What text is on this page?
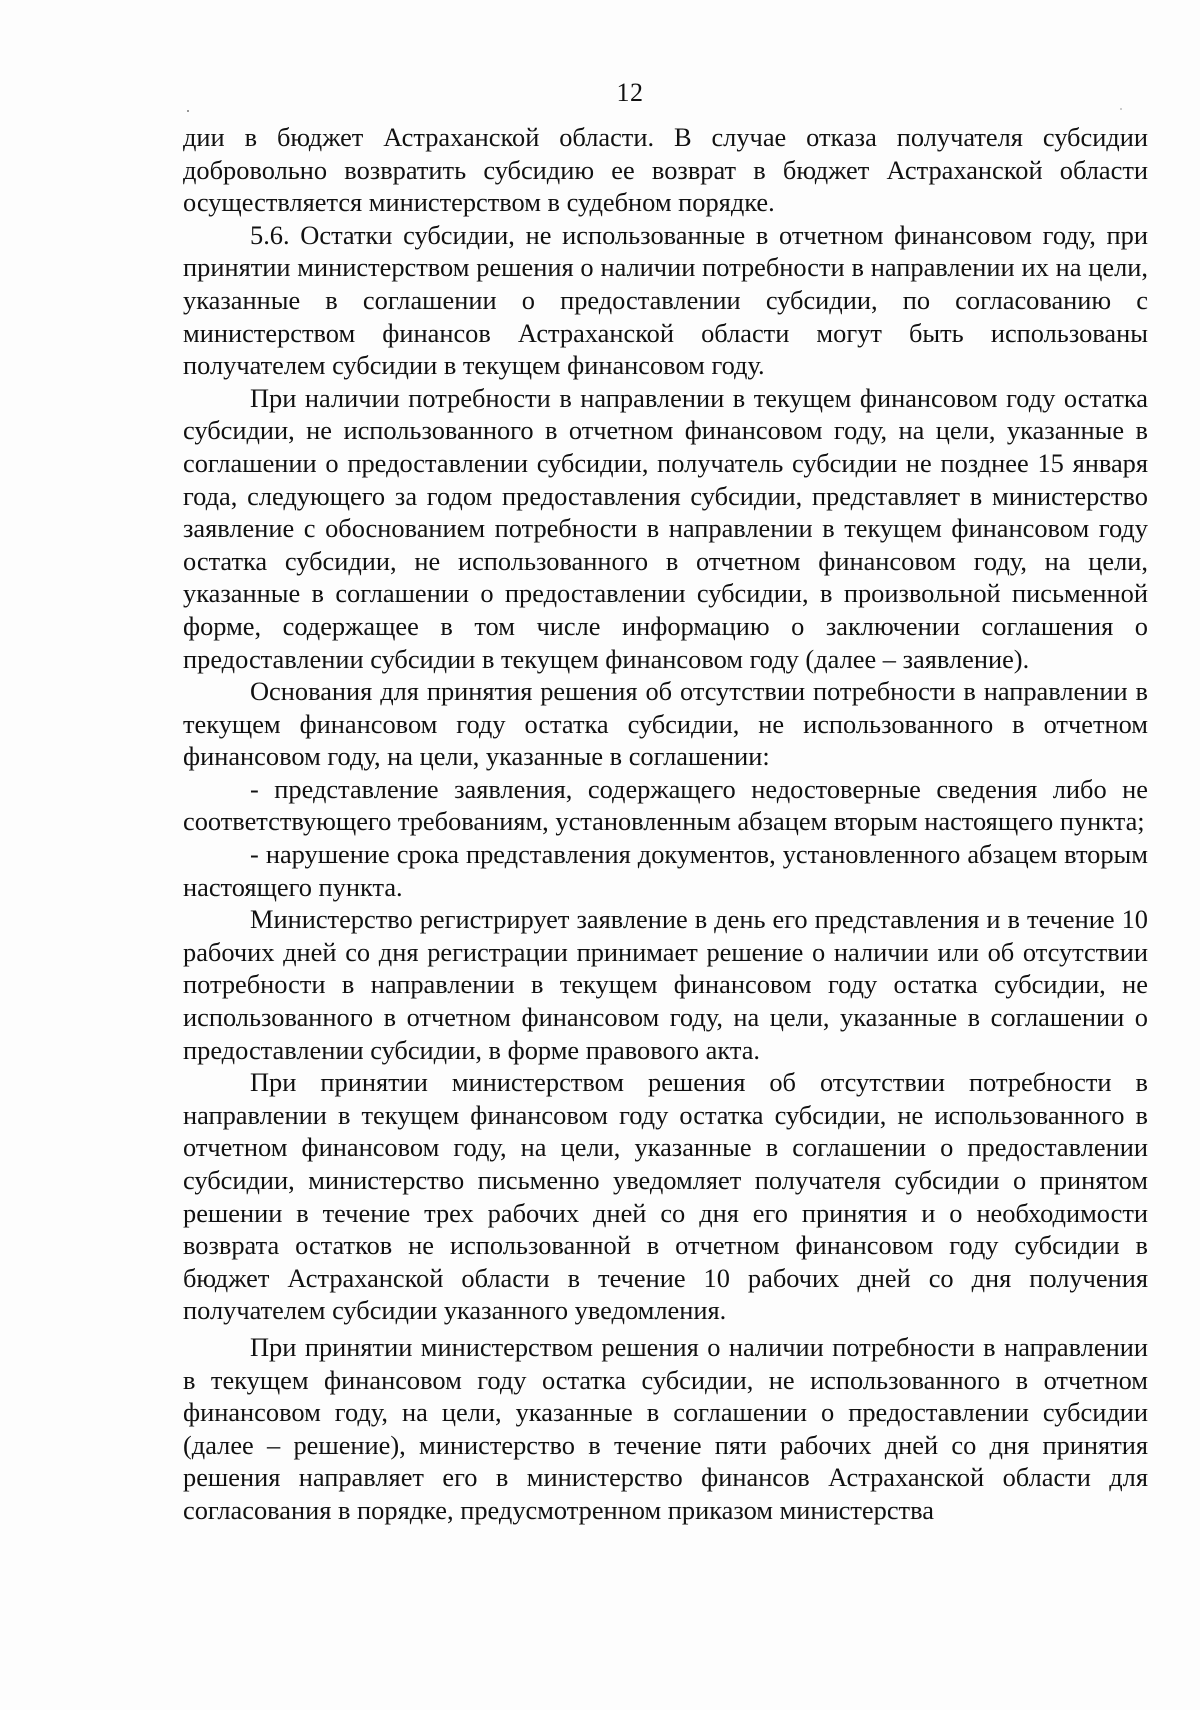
12

дии в бюджет Астраханской области. В случае отказа получателя субсидии добровольно возвратить субсидию ее возврат в бюджет Астраханской области осуществляется министерством в судебном порядке.

5.6. Остатки субсидии, не использованные в отчетном финансовом году, при принятии министерством решения о наличии потребности в направлении их на цели, указанные в соглашении о предоставлении субсидии, по согласованию с министерством финансов Астраханской области могут быть использованы получателем субсидии в текущем финансовом году.

При наличии потребности в направлении в текущем финансовом году остатка субсидии, не использованного в отчетном финансовом году, на цели, указанные в соглашении о предоставлении субсидии, получатель субсидии не позднее 15 января года, следующего за годом предоставления субсидии, представляет в министерство заявление с обоснованием потребности в направлении в текущем финансовом году остатка субсидии, не использованного в отчетном финансовом году, на цели, указанные в соглашении о предоставлении субсидии, в произвольной письменной форме, содержащее в том числе информацию о заключении соглашения о предоставлении субсидии в текущем финансовом году (далее – заявление).

Основания для принятия решения об отсутствии потребности в направлении в текущем финансовом году остатка субсидии, не использованного в отчетном финансовом году, на цели, указанные в соглашении:

- представление заявления, содержащего недостоверные сведения либо не соответствующего требованиям, установленным абзацем вторым настоящего пункта;

- нарушение срока представления документов, установленного абзацем вторым настоящего пункта.

Министерство регистрирует заявление в день его представления и в течение 10 рабочих дней со дня регистрации принимает решение о наличии или об отсутствии потребности в направлении в текущем финансовом году остатка субсидии, не использованного в отчетном финансовом году, на цели, указанные в соглашении о предоставлении субсидии, в форме правового акта.

При принятии министерством решения об отсутствии потребности в направлении в текущем финансовом году остатка субсидии, не использованного в отчетном финансовом году, на цели, указанные в соглашении о предоставлении субсидии, министерство письменно уведомляет получателя субсидии о принятом решении в течение трех рабочих дней со дня его принятия и о необходимости возврата остатков не использованной в отчетном финансовом году субсидии в бюджет Астраханской области в течение 10 рабочих дней со дня получения получателем субсидии указанного уведомления.

При принятии министерством решения о наличии потребности в направлении в текущем финансовом году остатка субсидии, не использованного в отчетном финансовом году, на цели, указанные в соглашении о предоставлении субсидии (далее – решение), министерство в течение пяти рабочих дней со дня принятия решения направляет его в министерство финансов Астраханской области для согласования в порядке, предусмотренном приказом министерства
